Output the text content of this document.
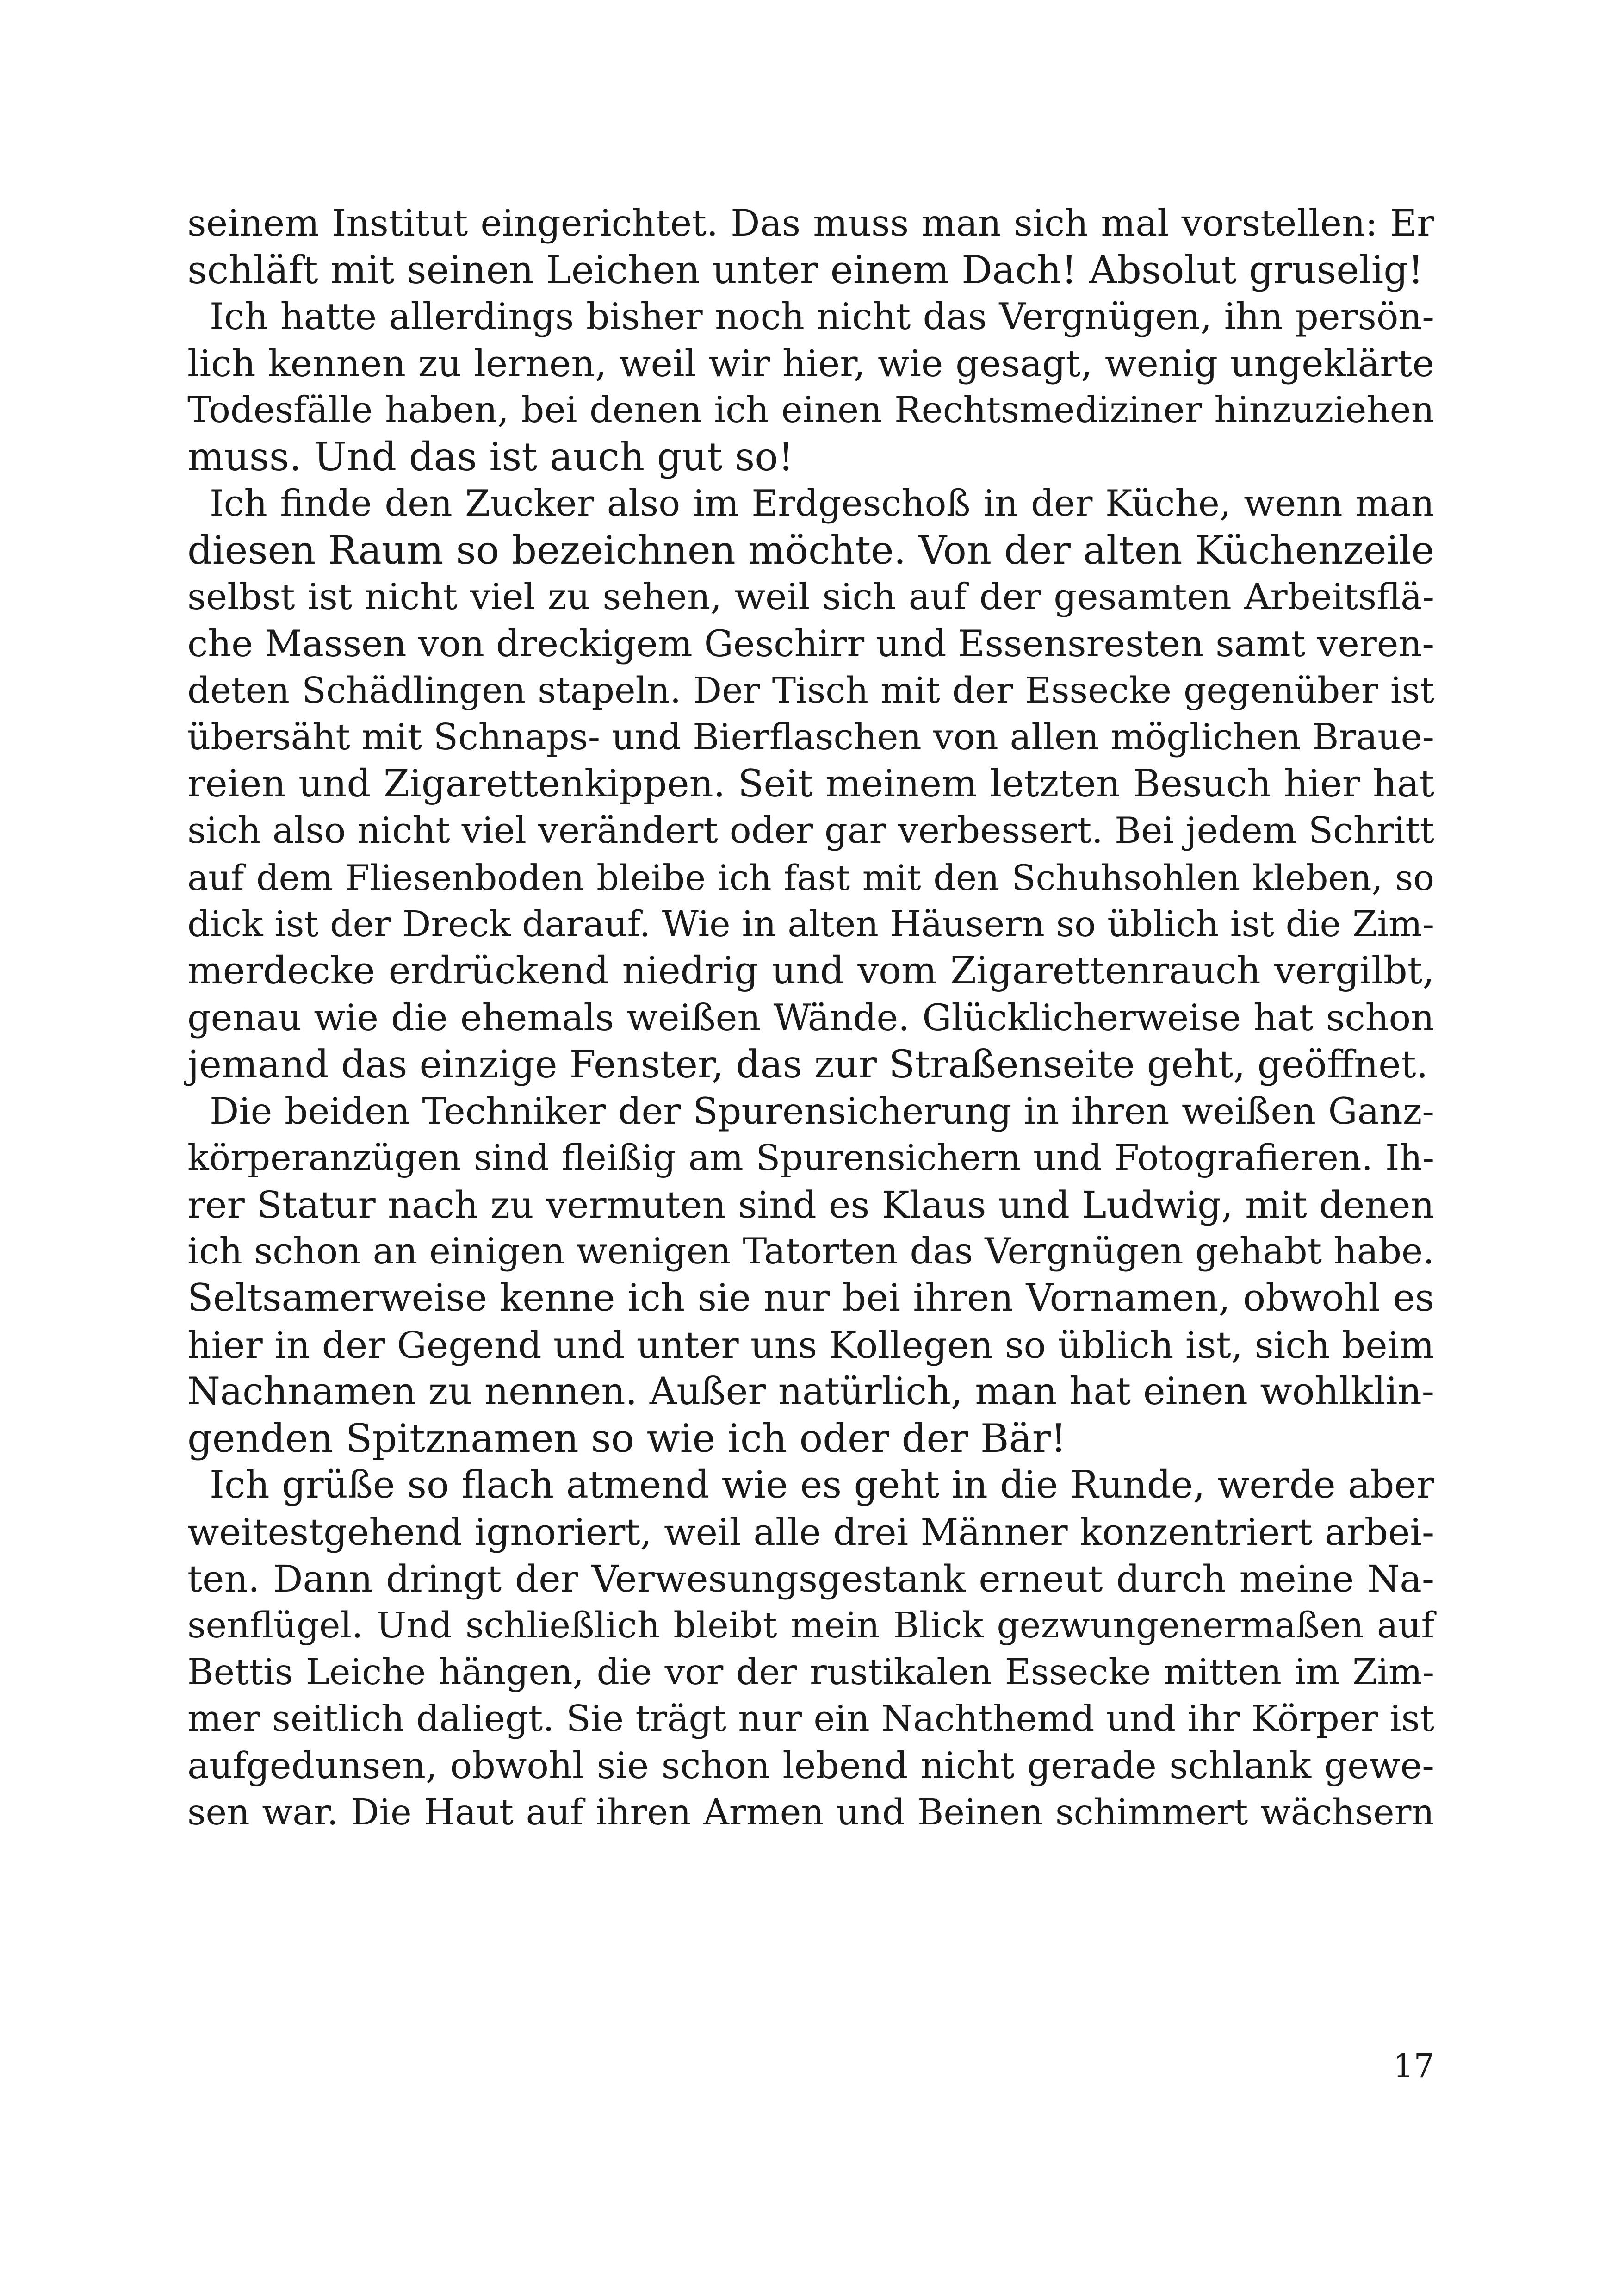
seinem Institut eingerichtet. Das muss man sich mal vorstellen: Er
schläft mit seinen Leichen unter einem Dach! Absolut gruselig!
Ich hatte allerdings bisher noch nicht das Vergnügen, ihn persön-
lich kennen zu lernen, weil wir hier, wie gesagt, wenig ungeklärte
Todesfälle haben, bei denen ich einen Rechtsmediziner hinzuziehen
muss. Und das ist auch gut so!
Ich finde den Zucker also im Erdgeschoß in der Küche, wenn man
diesen Raum so bezeichnen möchte. Von der alten Küchenzeile
selbst ist nicht viel zu sehen, weil sich auf der gesamten Arbeitsflä-
che Massen von dreckigem Geschirr und Essensresten samt veren-
deten Schädlingen stapeln. Der Tisch mit der Essecke gegenüber ist
übersäht mit Schnaps- und Bierflaschen von allen möglichen Braue-
reien und Zigarettenkippen. Seit meinem letzten Besuch hier hat
sich also nicht viel verändert oder gar verbessert. Bei jedem Schritt
auf dem Fliesenboden bleibe ich fast mit den Schuhsohlen kleben, so
dick ist der Dreck darauf. Wie in alten Häusern so üblich ist die Zim-
merdecke erdrückend niedrig und vom Zigarettenrauch vergilbt,
genau wie die ehemals weißen Wände. Glücklicherweise hat schon
jemand das einzige Fenster, das zur Straßenseite geht, geöffnet.
Die beiden Techniker der Spurensicherung in ihren weißen Ganz-
körperanzügen sind fleißig am Spurensichern und Fotografieren. Ih-
rer Statur nach zu vermuten sind es Klaus und Ludwig, mit denen
ich schon an einigen wenigen Tatorten das Vergnügen gehabt habe.
Seltsamerweise kenne ich sie nur bei ihren Vornamen, obwohl es
hier in der Gegend und unter uns Kollegen so üblich ist, sich beim
Nachnamen zu nennen. Außer natürlich, man hat einen wohlklin-
genden Spitznamen so wie ich oder der Bär!
Ich grüße so flach atmend wie es geht in die Runde, werde aber
weitestgehend ignoriert, weil alle drei Männer konzentriert arbei-
ten. Dann dringt der Verwesungsgestank erneut durch meine Na-
senflügel. Und schließlich bleibt mein Blick gezwungenermaßen auf
Bettis Leiche hängen, die vor der rustikalen Essecke mitten im Zim-
mer seitlich daliegt. Sie trägt nur ein Nachthemd und ihr Körper ist
aufgedunsen, obwohl sie schon lebend nicht gerade schlank gewe-
sen war. Die Haut auf ihren Armen und Beinen schimmert wächsern
17
